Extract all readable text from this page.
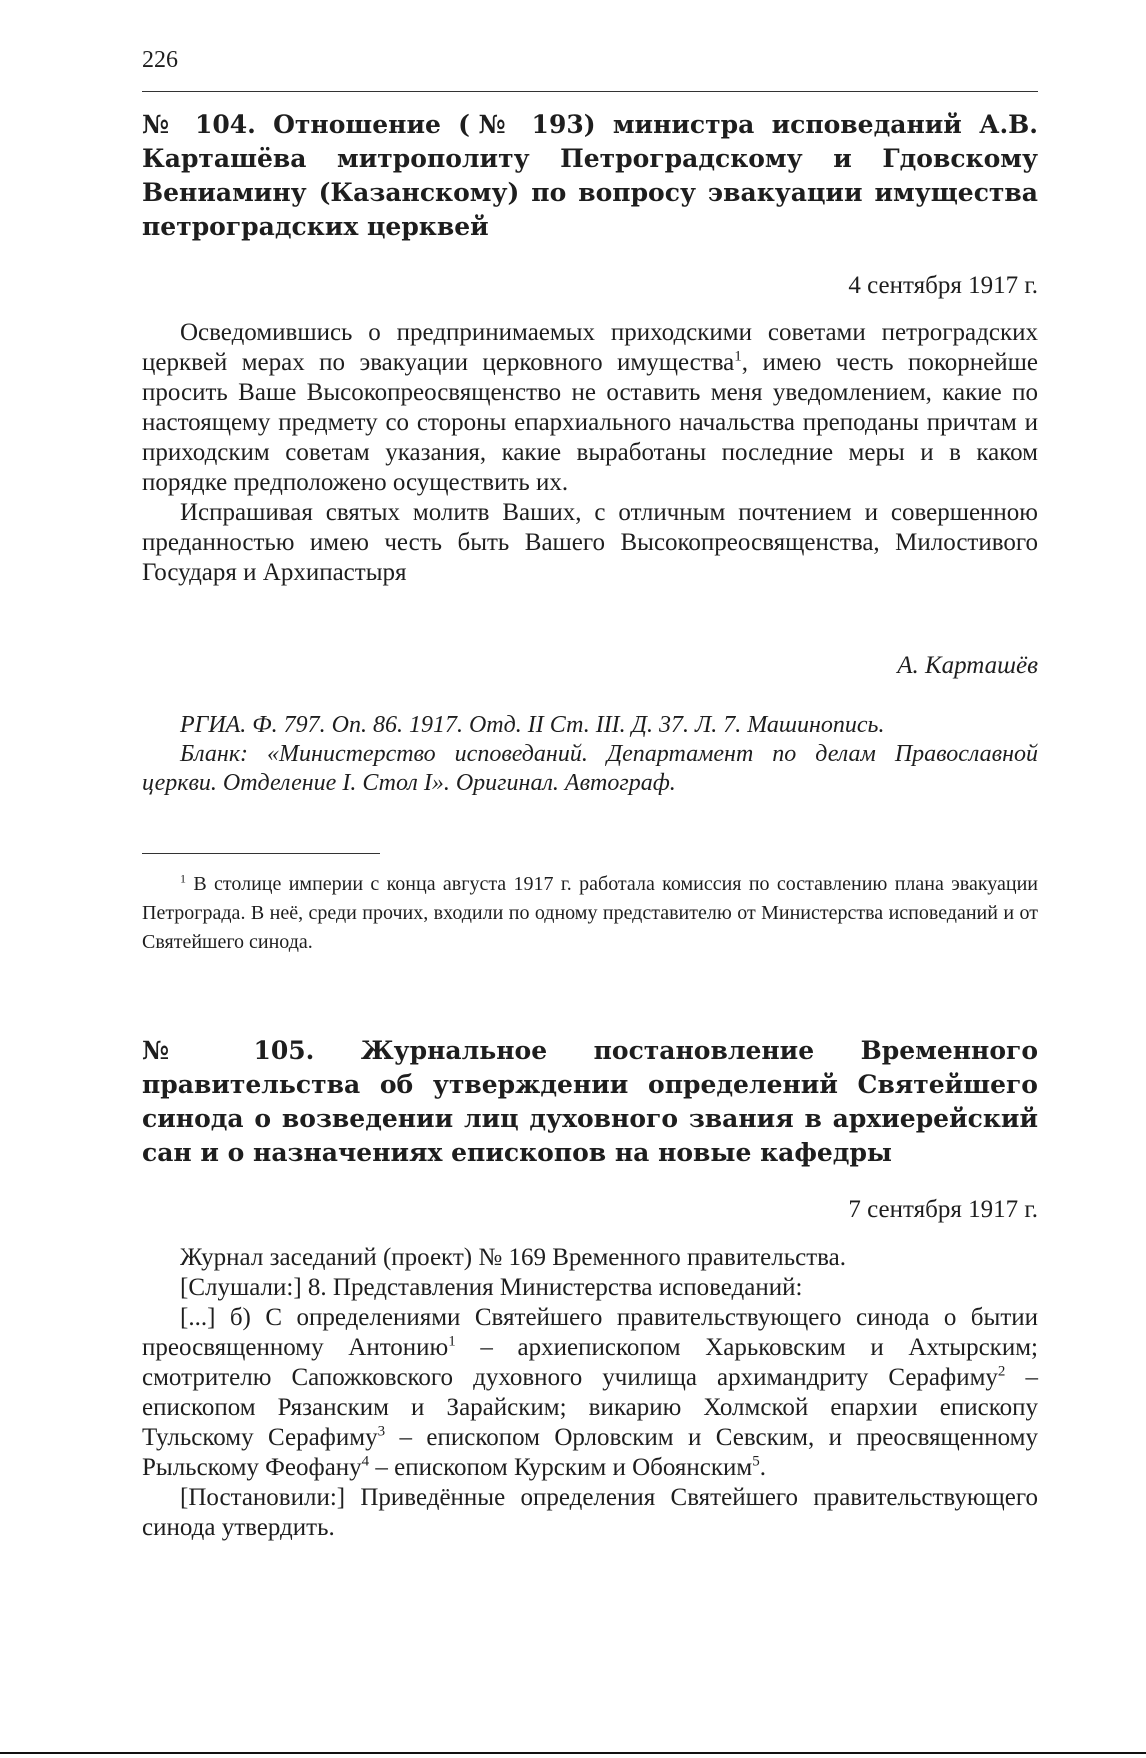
226
№ 104. Отношение (№ 193) министра исповеданий А.В. Карташёва митрополиту Петроградскому и Гдовскому Вениамину (Казанскому) по вопросу эвакуации имущества петроградских церквей
4 сентября 1917 г.

Осведомившись о предпринимаемых приходскими советами петроградских церквей мерах по эвакуации церковного имущества$^1$, имею честь покорнейше просить Ваше Высокопреосвященство не оставить меня уведомлением, какие по настоящему предмету со стороны епархиального начальства преподаны причтам и приходским советам указания, какие выработаны последние меры и в каком порядке предположено осуществить их.

Испрашивая святых молитв Ваших, с отличным почтением и совершенною преданностью имею честь быть Вашего Высокопреосвященства, Милостивого Государя и Архипастыря

А. Карташёв

РГИА. Ф. 797. Оп. 86. 1917. Отд. II Ст. III. Д. 37. Л. 7. Машинопись.

Бланк: «Министерство исповеданий. Департамент по делам Православной церкви. Отделение I. Стол I». Оригинал. Автограф.

$^1$ В столице империи с конца августа 1917 г. работала комиссия по составлению плана эвакуации Петрограда. В неё, среди прочих, входили по одному представителю от Министерства исповеданий и от Святейшего синода.

№ 105. Журнальное постановление Временного правительства об утверждении определений Святейшего синода о возведении лиц духовного звания в архиерейский сан и о назначениях епископов на новые кафедры
7 сентября 1917 г.

Журнал заседаний (проект) № 169 Временного правительства.

[Слушали:] 8. Представления Министерства исповеданий:

[...] б) С определениями Святейшего правительствующего синода о бытии преосвященному Антонию$^1$ – архиепископом Харьковским и Ахтырским; смотрителю Сапожковского духовного училища архимандриту Серафиму$^2$ – епископом Рязанским и Зарайским; викарию Холмской епархии епископу Тульскому Серафиму$^3$ – епископом Орловским и Севским, и преосвященному Рыльскому Феофану$^4$ – епископом Курским и Обоянским$^5$.

[Постановили:] Приведённые определения Святейшего правительствующего синода утвердить.
